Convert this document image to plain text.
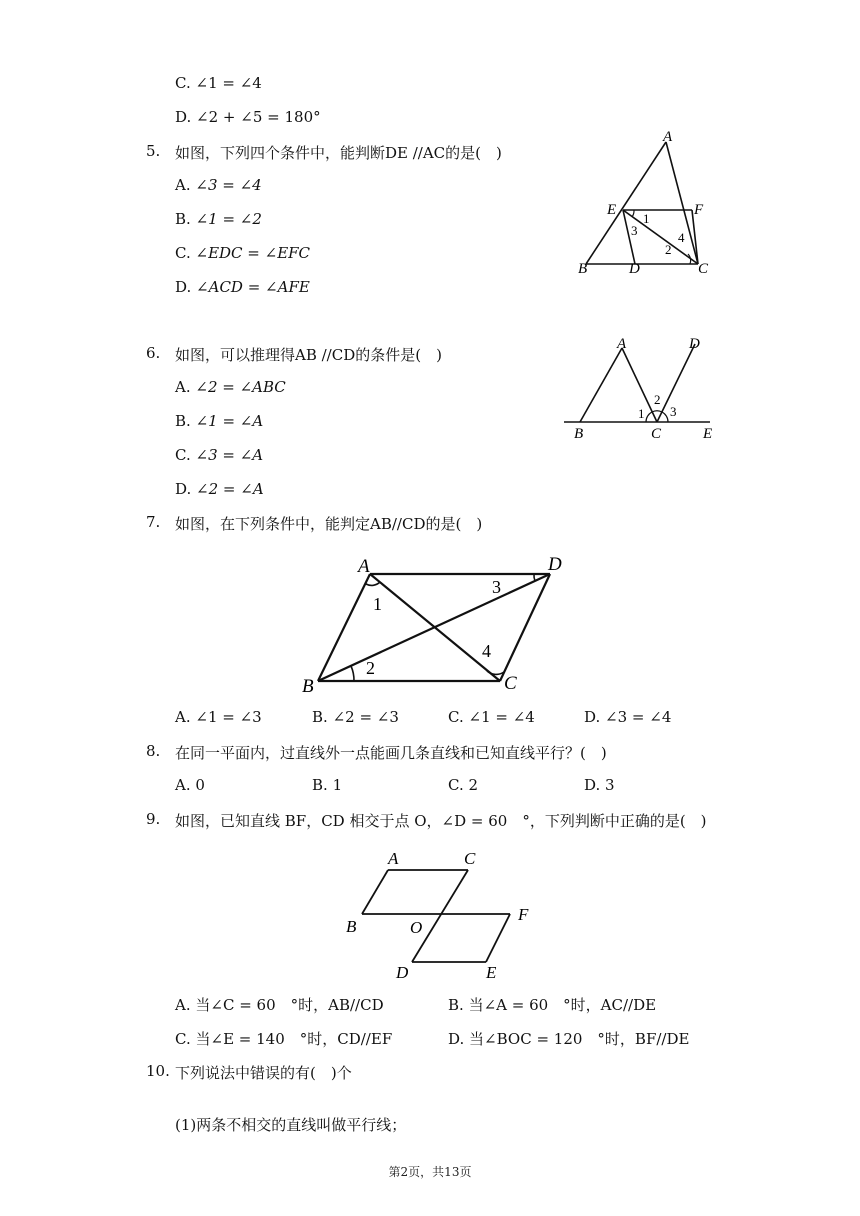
C. ∠1 = ∠4
D. ∠2 + ∠5 = 180°
5. 如图，下列四个条件中，能判断DE //AC的是(　)
A. ∠3 = ∠4
B. ∠1 = ∠2
C. ∠EDC = ∠EFC
D. ∠ACD = ∠AFE
A
B	C
D
E	F
1
2
3	4
6. 如图，可以推理得AB //CD的条件是(　)
A. ∠2 = ∠ABC
B. ∠1 = ∠A
C. ∠3 = ∠A
D. ∠2 = ∠A
A	D
B	C	E
1
2
3
7. 如图，在下列条件中，能判定AB//CD的是(　)
A	D
B	C
1
2
3
4
A. ∠1 = ∠3	B. ∠2 = ∠3	C. ∠1 = ∠4	D. ∠3 = ∠4
8. 在同一平面内，过直线外一点能画几条直线和已知直线平行？(　)
A. 0	B. 1	C. 2	D. 3
9. 如图，已知直线 BF，CD 相交于点 O，∠D = 60　°，下列判断中正确的是(　)
A	C
B	O
F
D	E
A. 当∠C = 60　°时，AB//CD	B. 当∠A = 60　°时，AC//DE
C. 当∠E = 140　°时，CD//EF	D. 当∠BOC = 120　°时，BF//DE
10. 下列说法中错误的有(　)个
(1)两条不相交的直线叫做平行线；
第2页，共13页
